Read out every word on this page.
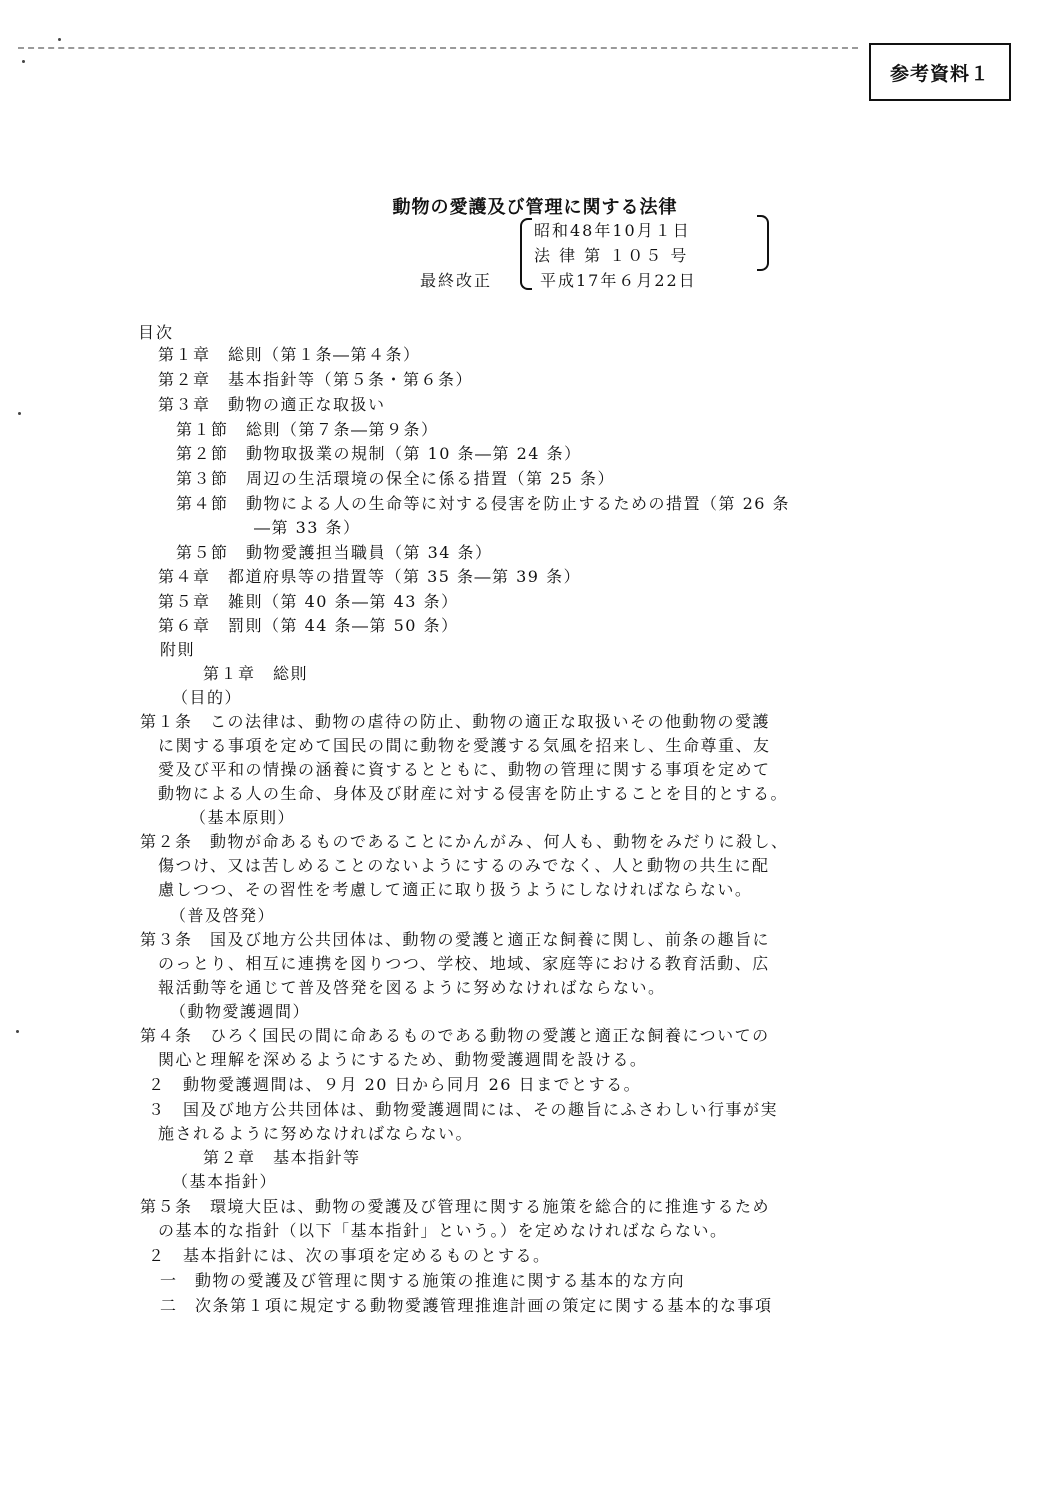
参考資料１
動物の愛護及び管理に関する法律
昭和48年10月１日
法 律 第 １０５ 号
最終改正	平成17年６月22日
目次
第１章　総則（第１条―第４条）
第２章　基本指針等（第５条・第６条）
第３章　動物の適正な取扱い
第１節　総則（第７条―第９条）
第２節　動物取扱業の規制（第 10 条―第 24 条）
第３節　周辺の生活環境の保全に係る措置（第 25 条）
第４節　動物による人の生命等に対する侵害を防止するための措置（第 26 条
―第 33 条）
第５節　動物愛護担当職員（第 34 条）
第４章　都道府県等の措置等（第 35 条―第 39 条）
第５章　雑則（第 40 条―第 43 条）
第６章　罰則（第 44 条―第 50 条）
附則
第１章　総則
（目的）
第１条　この法律は、動物の虐待の防止、動物の適正な取扱いその他動物の愛護
に関する事項を定めて国民の間に動物を愛護する気風を招来し、生命尊重、友
愛及び平和の情操の涵養に資するとともに、動物の管理に関する事項を定めて
動物による人の生命、身体及び財産に対する侵害を防止することを目的とする。
（基本原則）
第２条　動物が命あるものであることにかんがみ、何人も、動物をみだりに殺し、
傷つけ、又は苦しめることのないようにするのみでなく、人と動物の共生に配
慮しつつ、その習性を考慮して適正に取り扱うようにしなければならない。
（普及啓発）
第３条　国及び地方公共団体は、動物の愛護と適正な飼養に関し、前条の趣旨に
のっとり、相互に連携を図りつつ、学校、地域、家庭等における教育活動、広
報活動等を通じて普及啓発を図るように努めなければならない。
（動物愛護週間）
第４条　ひろく国民の間に命あるものである動物の愛護と適正な飼養についての
関心と理解を深めるようにするため、動物愛護週間を設ける。
２　動物愛護週間は、９月 20 日から同月 26 日までとする。
３　国及び地方公共団体は、動物愛護週間には、その趣旨にふさわしい行事が実
施されるように努めなければならない。
第２章　基本指針等
（基本指針）
第５条　環境大臣は、動物の愛護及び管理に関する施策を総合的に推進するため
の基本的な指針（以下「基本指針」という。）を定めなければならない。
２　基本指針には、次の事項を定めるものとする。
一　動物の愛護及び管理に関する施策の推進に関する基本的な方向
二　次条第１項に規定する動物愛護管理推進計画の策定に関する基本的な事項
